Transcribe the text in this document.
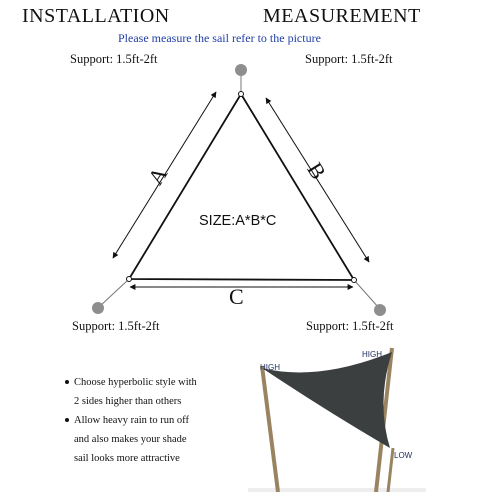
INSTALLATION	MEASUREMENT
Please measure the sail refer to the picture
Support: 1.5ft-2ft	Support: 1.5ft-2ft
Support: 1.5ft-2ft	Support: 1.5ft-2ft
A	B
C
SIZE:A*B*C
Choose hyperbolic style with
2 sides higher than others
Allow heavy rain to run off
and also makes your shade
sail looks more attractive
HIGH
HIGH
LOW
